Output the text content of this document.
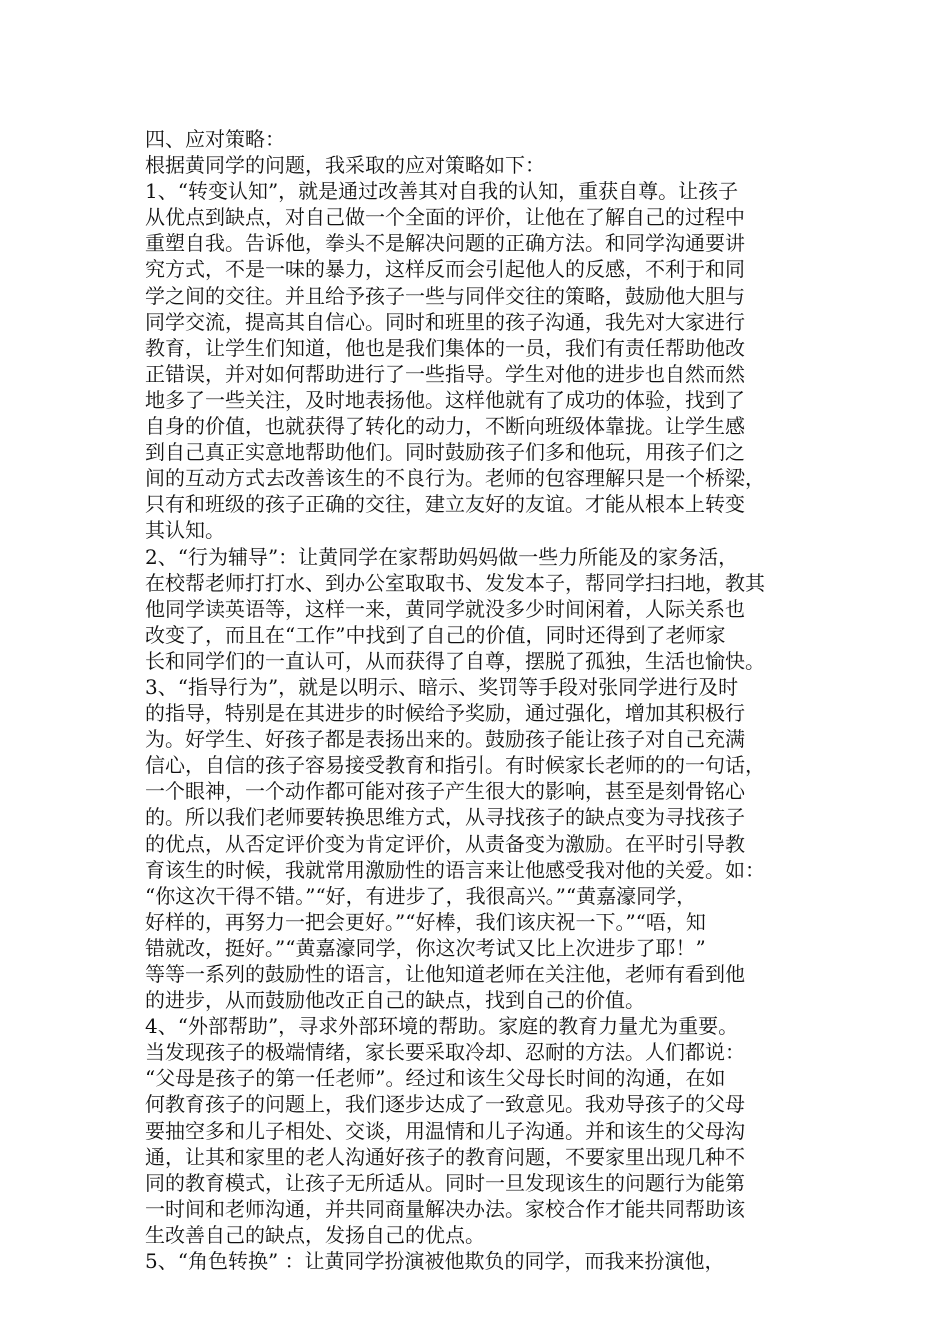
四、应对策略：
根据黄同学的问题，我采取的应对策略如下：
1、“转变认知”，就是通过改善其对自我的认知，重获自尊。让孩子
从优点到缺点，对自己做一个全面的评价，让他在了解自己的过程中
重塑自我。告诉他，拳头不是解决问题的正确方法。和同学沟通要讲
究方式，不是一味的暴力，这样反而会引起他人的反感，不利于和同
学之间的交往。并且给予孩子一些与同伴交往的策略，鼓励他大胆与
同学交流，提高其自信心。同时和班里的孩子沟通，我先对大家进行
教育，让学生们知道，他也是我们集体的一员，我们有责任帮助他改
正错误，并对如何帮助进行了一些指导。学生对他的进步也自然而然
地多了一些关注，及时地表扬他。这样他就有了成功的体验，找到了
自身的价值，也就获得了转化的动力，不断向班级体靠拢。让学生感
到自己真正实意地帮助他们。同时鼓励孩子们多和他玩，用孩子们之
间的互动方式去改善该生的不良行为。老师的包容理解只是一个桥梁，
只有和班级的孩子正确的交往，建立友好的友谊。才能从根本上转变
其认知。
2、“行为辅导”：让黄同学在家帮助妈妈做一些力所能及的家务活，
在校帮老师打打水、到办公室取取书、发发本子，帮同学扫扫地，教其
他同学读英语等，这样一来，黄同学就没多少时间闲着，人际关系也
改变了，而且在“工作”中找到了自己的价值，同时还得到了老师家
长和同学们的一直认可，从而获得了自尊，摆脱了孤独，生活也愉快。
3、“指导行为”，就是以明示、暗示、奖罚等手段对张同学进行及时
的指导，特别是在其进步的时候给予奖励，通过强化，增加其积极行
为。好学生、好孩子都是表扬出来的。鼓励孩子能让孩子对自己充满
信心，自信的孩子容易接受教育和指引。有时候家长老师的的一句话，
一个眼神，一个动作都可能对孩子产生很大的影响，甚至是刻骨铭心
的。所以我们老师要转换思维方式，从寻找孩子的缺点变为寻找孩子
的优点，从否定评价变为肯定评价，从责备变为激励。在平时引导教
育该生的时候，我就常用激励性的语言来让他感受我对他的关爱。如：
“你这次干得不错。”“好，有进步了，我很高兴。”“黄嘉濠同学，
好样的，再努力一把会更好。”“好棒，我们该庆祝一下。”“唔，知
错就改，挺好。”“黄嘉濠同学，你这次考试又比上次进步了耶！”
等等一系列的鼓励性的语言，让他知道老师在关注他，老师有看到他
的进步，从而鼓励他改正自己的缺点，找到自己的价值。
4、“外部帮助”，寻求外部环境的帮助。家庭的教育力量尤为重要。
当发现孩子的极端情绪，家长要采取冷却、忍耐的方法。人们都说：
“父母是孩子的第一任老师”。经过和该生父母长时间的沟通，在如
何教育孩子的问题上，我们逐步达成了一致意见。我劝导孩子的父母
要抽空多和儿子相处、交谈，用温情和儿子沟通。并和该生的父母沟
通，让其和家里的老人沟通好孩子的教育问题，不要家里出现几种不
同的教育模式，让孩子无所适从。同时一旦发现该生的问题行为能第
一时间和老师沟通，并共同商量解决办法。家校合作才能共同帮助该
生改善自己的缺点，发扬自己的优点。
5、“角色转换” ：让黄同学扮演被他欺负的同学，而我来扮演他，
